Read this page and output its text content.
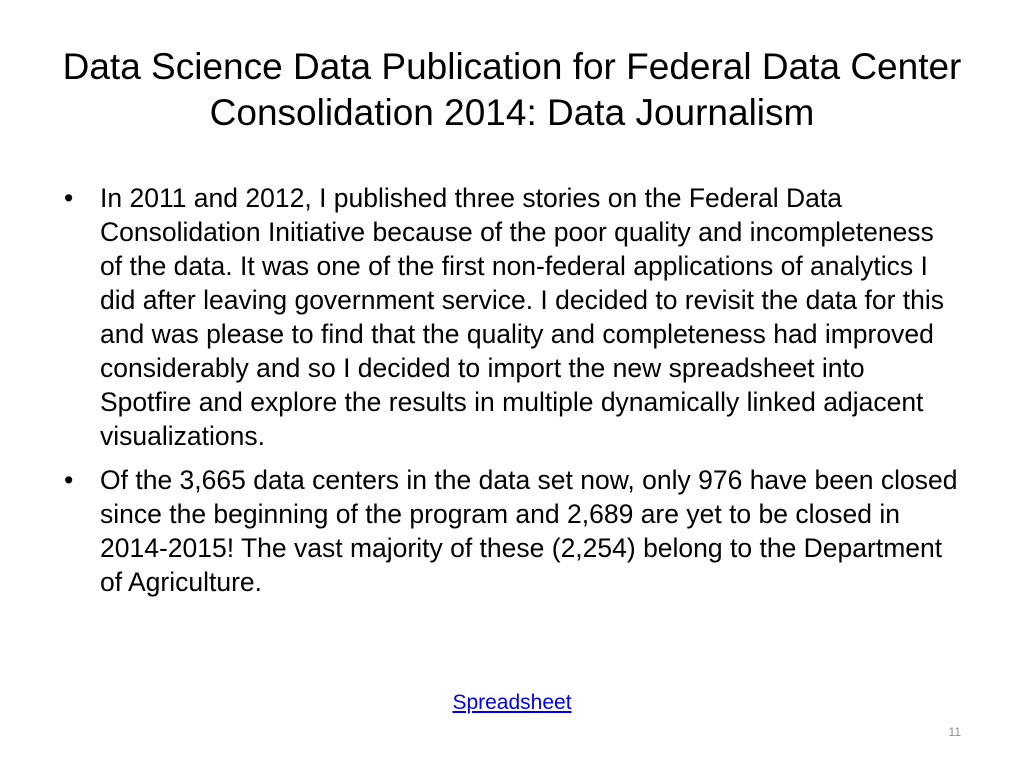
Data Science Data Publication for Federal Data Center Consolidation 2014: Data Journalism
• In 2011 and 2012, I published three stories on the Federal Data Consolidation Initiative because of the poor quality and incompleteness of the data. It was one of the first non-federal applications of analytics I did after leaving government service. I decided to revisit the data for this and was please to find that the quality and completeness had improved considerably and so I decided to import the new spreadsheet into Spotfire and explore the results in multiple dynamically linked adjacent visualizations.
• Of the 3,665 data centers in the data set now, only 976 have been closed since the beginning of the program and 2,689 are yet to be closed in 2014-2015! The vast majority of these (2,254) belong to the Department of Agriculture.
Spreadsheet
11
